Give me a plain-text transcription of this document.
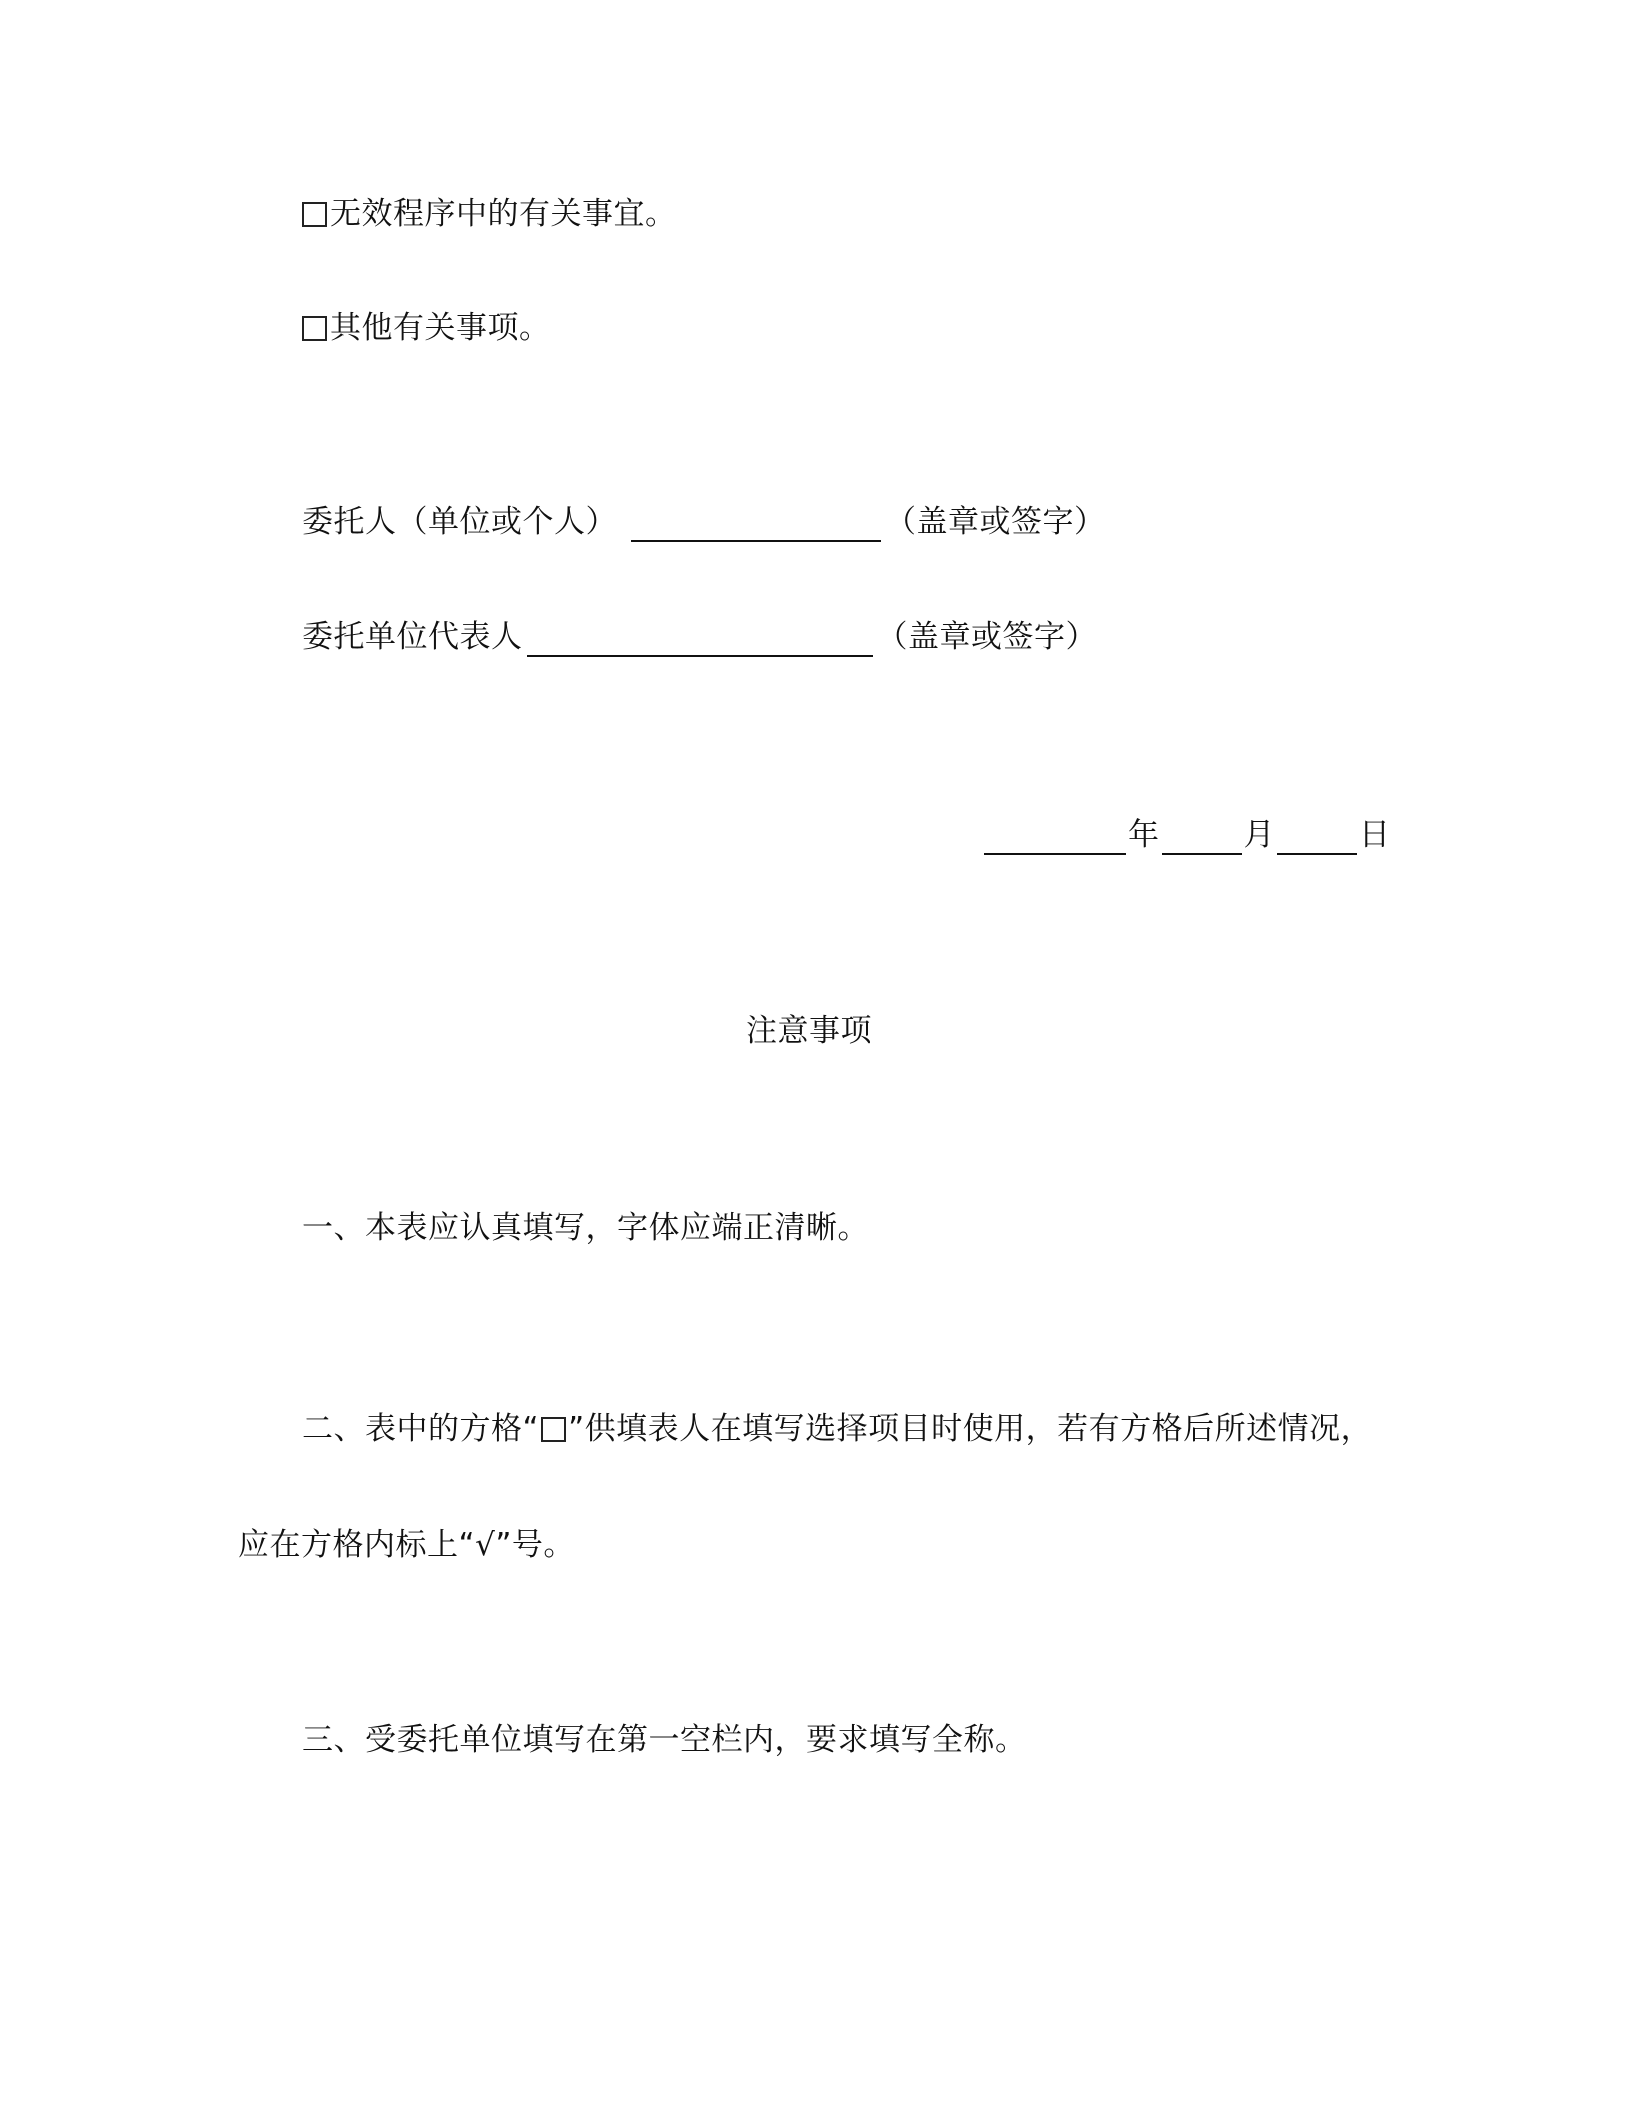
无效程序中的有关事宜。
其他有关事项。
委托人（单位或个人）	（盖章或签字）
委托单位代表人	（盖章或签字）
年	月	日
注意事项
一、本表应认真填写，字体应端正清晰。
二、表中的方格“ ”供填表人在填写选择项目时使用，若有方格后所述情况，
应在方格内标上“√”号。
三、受委托单位填写在第一空栏内，要求填写全称。
